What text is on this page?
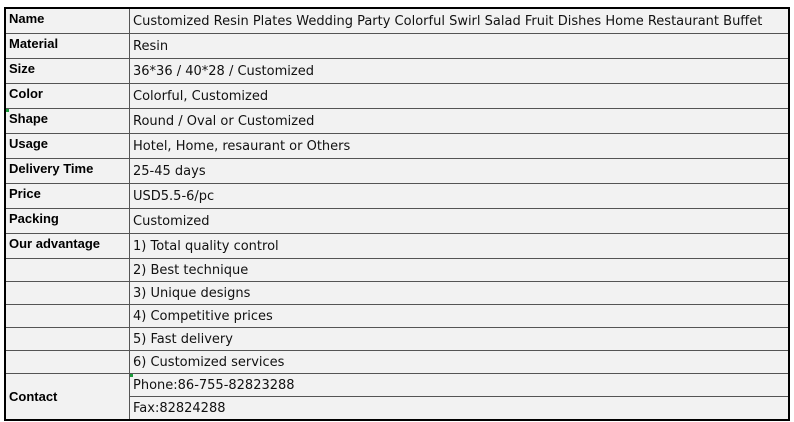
Name	Customized Resin Plates Wedding Party Colorful Swirl Salad Fruit Dishes Home Restaurant Buffet
Material	Resin
Size	36*36 / 40*28 / Customized
Color	Colorful, Customized
Shape	Round / Oval or Customized
Usage	Hotel, Home, resaurant or Others
Delivery Time	25-45 days
Price	USD5.5-6/pc
Packing	Customized
Our advantage	1) Total quality control
	2) Best technique
	3) Unique designs
	4) Competitive prices
	5) Fast delivery
	6) Customized services
Contact	Phone:86-755-82823288
	Fax:82824288
